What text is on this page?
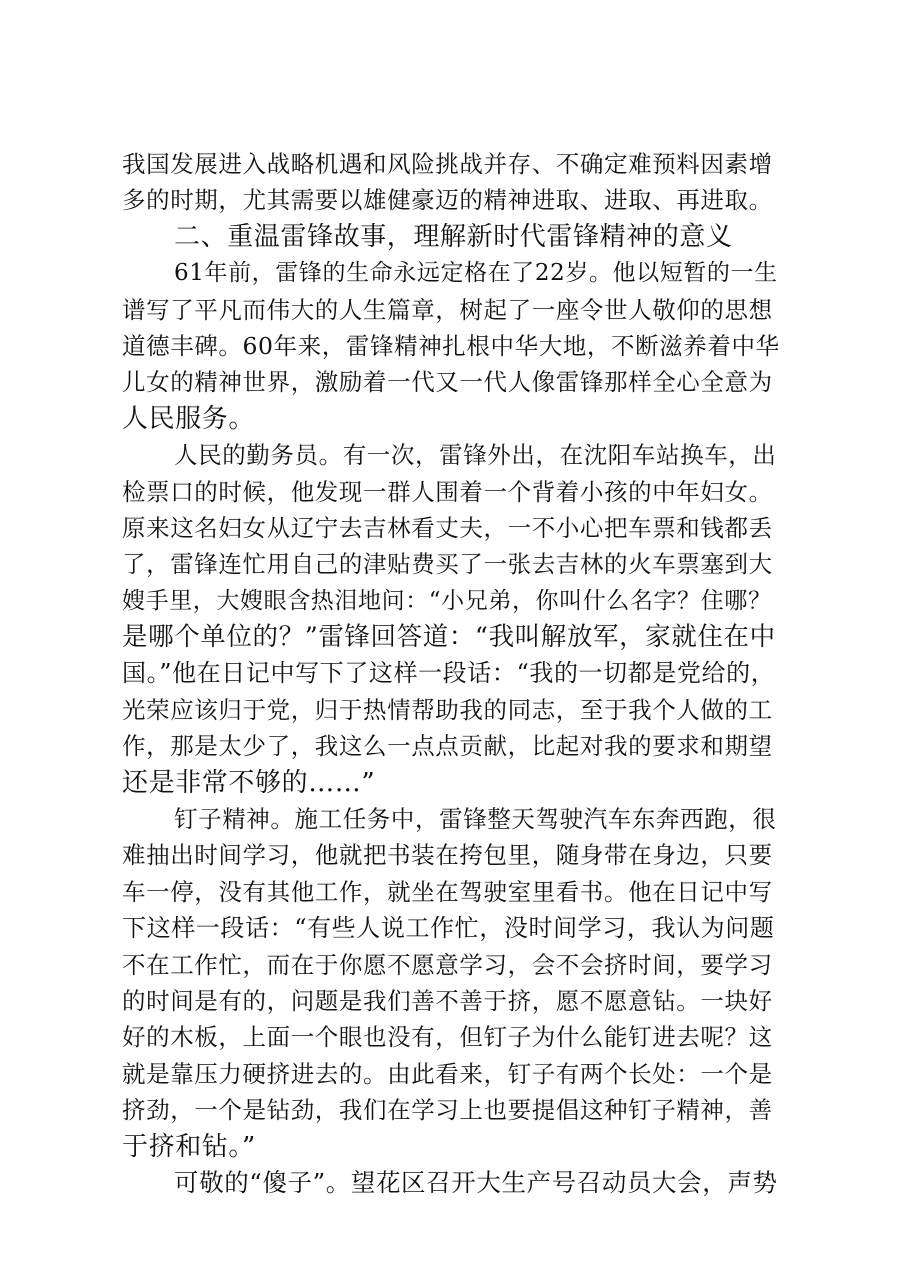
我国发展进入战略机遇和风险挑战并存、不确定难预料因素增
多的时期，尤其需要以雄健豪迈的精神进取、进取、再进取。
二、重温雷锋故事，理解新时代雷锋精神的意义
61年前，雷锋的生命永远定格在了22岁。他以短暂的一生
谱写了平凡而伟大的人生篇章，树起了一座令世人敬仰的思想
道德丰碑。60年来，雷锋精神扎根中华大地，不断滋养着中华
儿女的精神世界，激励着一代又一代人像雷锋那样全心全意为
人民服务。
人民的勤务员。有一次，雷锋外出，在沈阳车站换车，出
检票口的时候，他发现一群人围着一个背着小孩的中年妇女。
原来这名妇女从辽宁去吉林看丈夫，一不小心把车票和钱都丢
了，雷锋连忙用自己的津贴费买了一张去吉林的火车票塞到大
嫂手里，大嫂眼含热泪地问：“小兄弟，你叫什么名字？住哪？
是哪个单位的？”雷锋回答道：“我叫解放军，家就住在中
国。”他在日记中写下了这样一段话：“我的一切都是党给的，
光荣应该归于党，归于热情帮助我的同志，至于我个人做的工
作，那是太少了，我这么一点点贡献，比起对我的要求和期望
还是非常不够的……”
钉子精神。施工任务中，雷锋整天驾驶汽车东奔西跑，很
难抽出时间学习，他就把书装在挎包里，随身带在身边，只要
车一停，没有其他工作，就坐在驾驶室里看书。他在日记中写
下这样一段话：“有些人说工作忙，没时间学习，我认为问题
不在工作忙，而在于你愿不愿意学习，会不会挤时间，要学习
的时间是有的，问题是我们善不善于挤，愿不愿意钻。一块好
好的木板，上面一个眼也没有，但钉子为什么能钉进去呢？这
就是靠压力硬挤进去的。由此看来，钉子有两个长处：一个是
挤劲，一个是钻劲，我们在学习上也要提倡这种钉子精神，善
于挤和钻。”
可敬的“傻子”。望花区召开大生产号召动员大会，声势
